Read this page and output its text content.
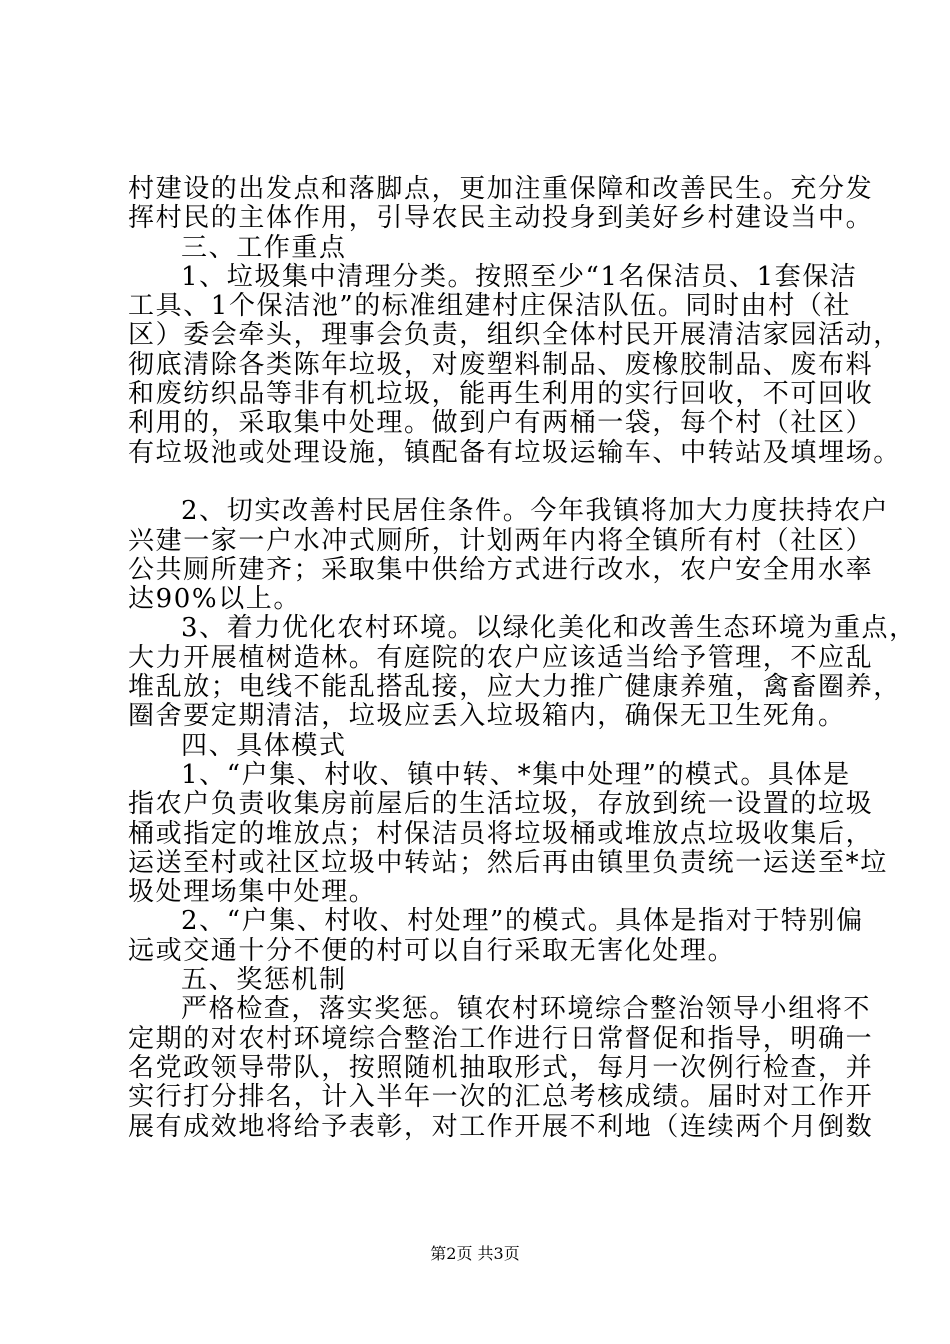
村建设的出发点和落脚点，更加注重保障和改善民生。充分发
挥村民的主体作用，引导农民主动投身到美好乡村建设当中。
三、工作重点
1、垃圾集中清理分类。按照至少“1名保洁员、1套保洁
工具、1个保洁池”的标准组建村庄保洁队伍。同时由村（社
区）委会牵头，理事会负责，组织全体村民开展清洁家园活动，
彻底清除各类陈年垃圾，对废塑料制品、废橡胶制品、废布料
和废纺织品等非有机垃圾，能再生利用的实行回收，不可回收
利用的，采取集中处理。做到户有两桶一袋，每个村（社区）
有垃圾池或处理设施，镇配备有垃圾运输车、中转站及填埋场。
2、切实改善村民居住条件。今年我镇将加大力度扶持农户
兴建一家一户水冲式厕所，计划两年内将全镇所有村（社区）
公共厕所建齐；采取集中供给方式进行改水，农户安全用水率
达90%以上。
3、着力优化农村环境。以绿化美化和改善生态环境为重点，
大力开展植树造林。有庭院的农户应该适当给予管理，不应乱
堆乱放；电线不能乱搭乱接，应大力推广健康养殖，禽畜圈养，
圈舍要定期清洁，垃圾应丢入垃圾箱内，确保无卫生死角。
四、具体模式
1、“户集、村收、镇中转、*集中处理”的模式。具体是
指农户负责收集房前屋后的生活垃圾，存放到统一设置的垃圾
桶或指定的堆放点；村保洁员将垃圾桶或堆放点垃圾收集后，
运送至村或社区垃圾中转站；然后再由镇里负责统一运送至*垃
圾处理场集中处理。
2、“户集、村收、村处理”的模式。具体是指对于特别偏
远或交通十分不便的村可以自行采取无害化处理。
五、奖惩机制
严格检查，落实奖惩。镇农村环境综合整治领导小组将不
定期的对农村环境综合整治工作进行日常督促和指导，明确一
名党政领导带队，按照随机抽取形式，每月一次例行检查，并
实行打分排名，计入半年一次的汇总考核成绩。届时对工作开
展有成效地将给予表彰，对工作开展不利地（连续两个月倒数
第2页 共3页
